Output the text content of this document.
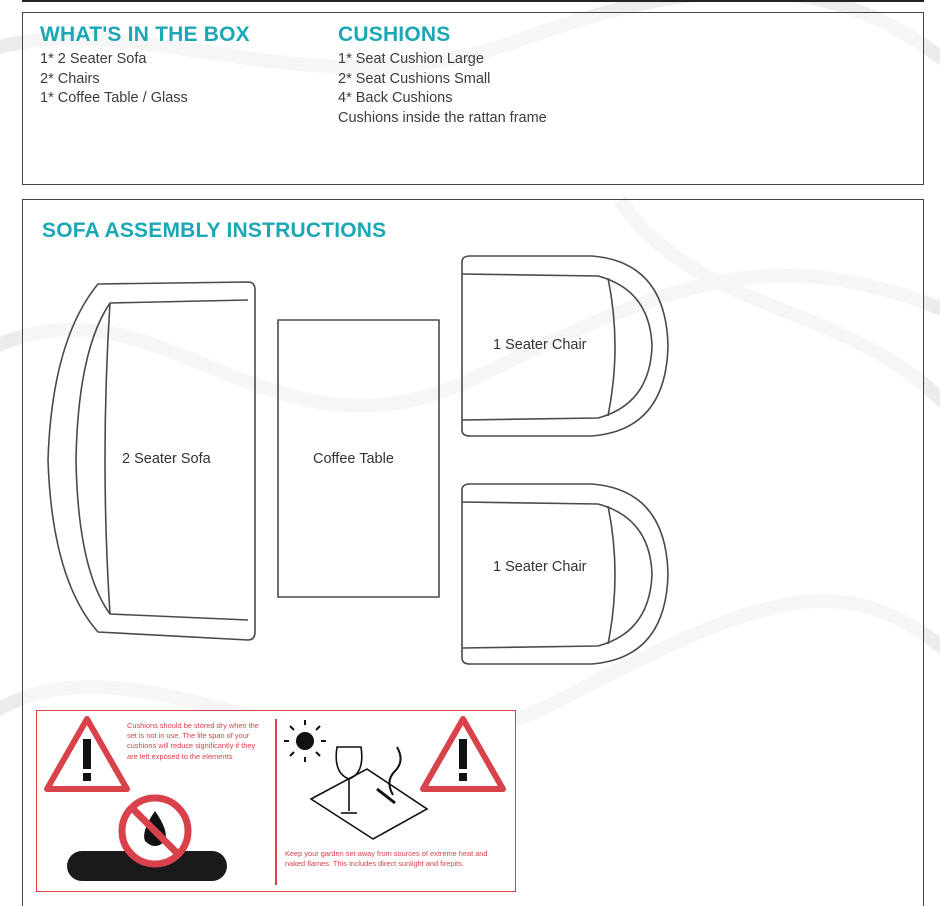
WHAT'S IN THE BOX
1* 2 Seater Sofa
2* Chairs
1* Coffee Table / Glass
CUSHIONS
1* Seat Cushion Large
2* Seat Cushions Small
4* Back Cushions
Cushions inside the rattan frame
SOFA ASSEMBLY INSTRUCTIONS
2 Seater Sofa	Coffee Table
1 Seater Chair
1 Seater Chair

Cushions should be stored dry when the set is not in use. The life span of your cushions will reduce significantly if they are left exposed to the elements.

Keep your garden set away from sources of extreme heat and naked flames. This includes direct sunlight and firepits.
